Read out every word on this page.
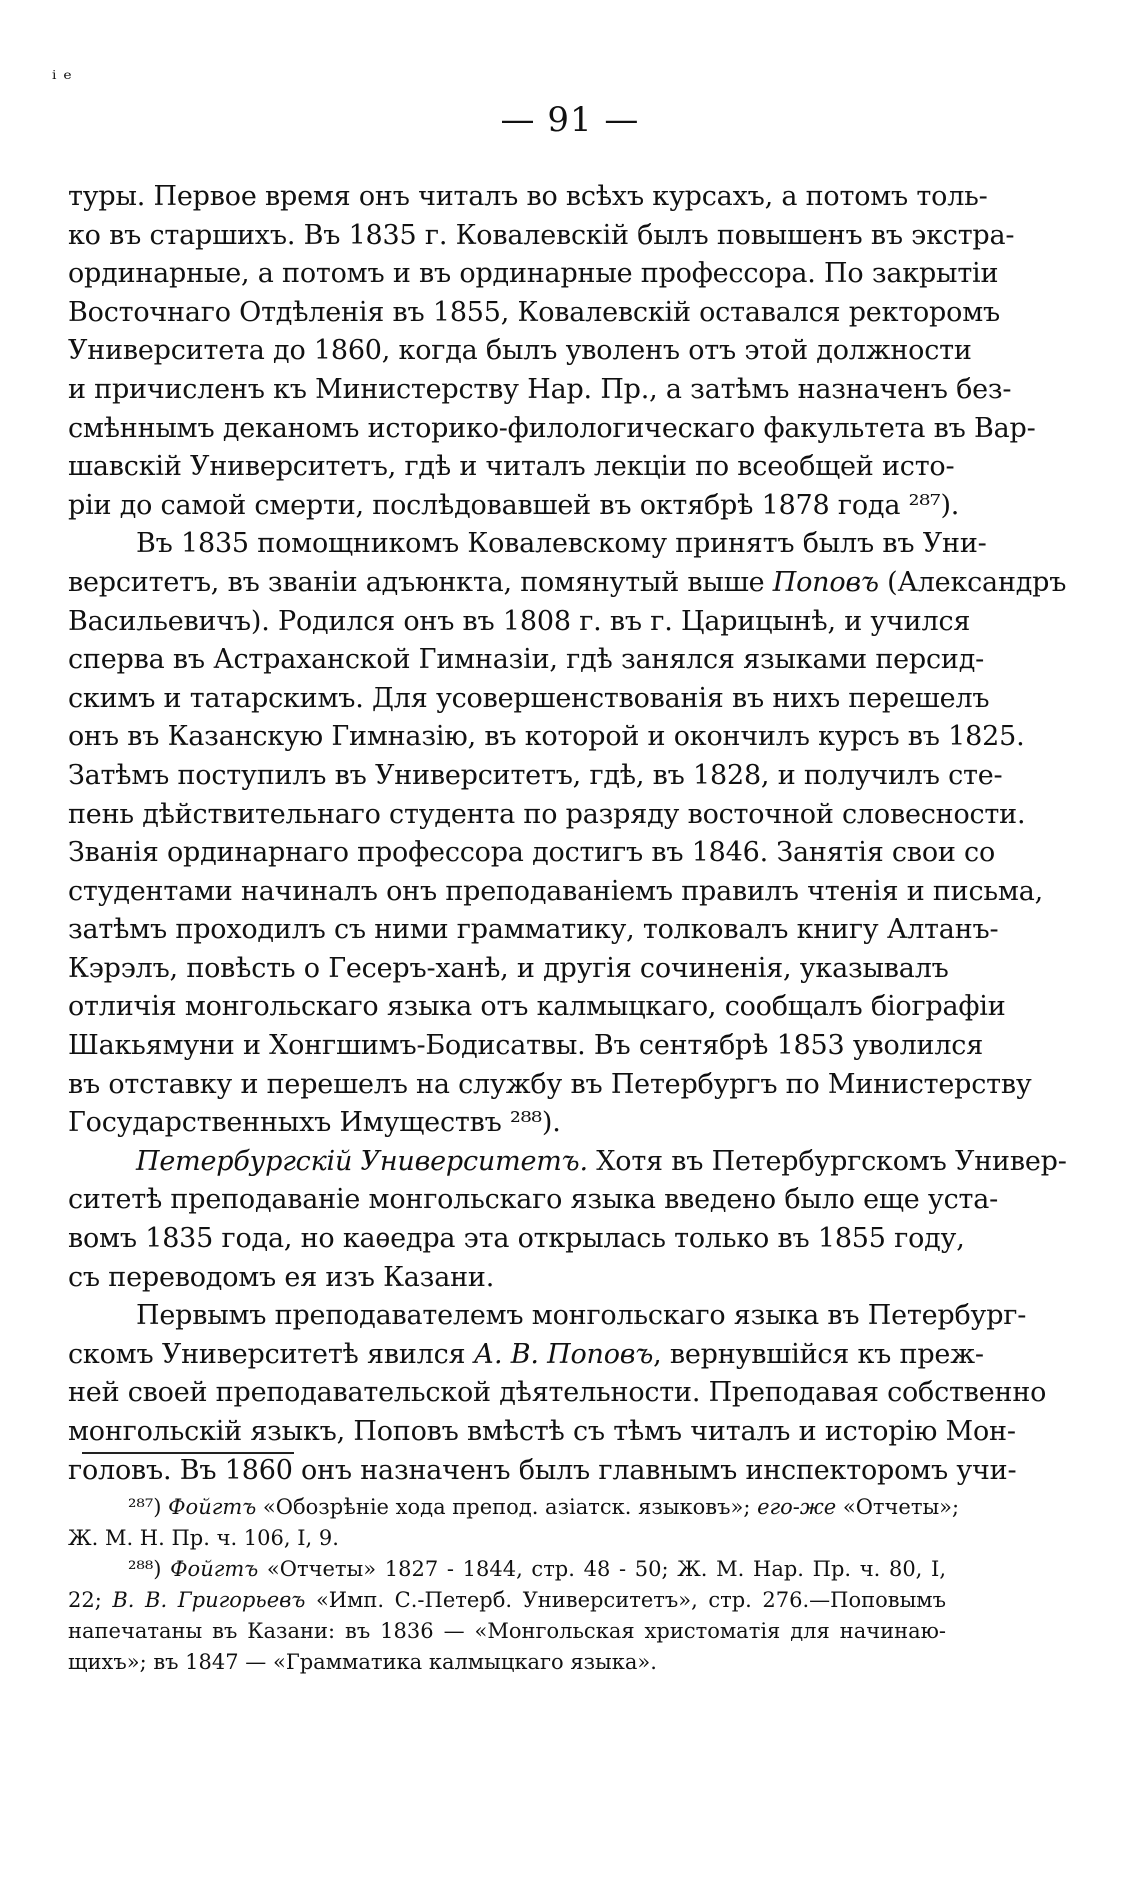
ᵢ ₑ
— 91 —
туры. Первое время онъ читалъ во всѣхъ курсахъ, а потомъ толь-
ко въ старшихъ. Въ 1835 г. Ковалевскій былъ повышенъ въ экстра-
ординарные, а потомъ и въ ординарные профессора. По закрытіи
Восточнаго Отдѣленія въ 1855, Ковалевскій оставался ректоромъ
Университета до 1860, когда былъ уволенъ отъ этой должности
и причисленъ къ Министерству Нар. Пр., а затѣмъ назначенъ без-
смѣннымъ деканомъ историко-филологическаго факультета въ Вар-
шавскій Университетъ, гдѣ и читалъ лекціи по всеобщей исто-
ріи до самой смерти, послѣдовавшей въ октябрѣ 1878 года ²⁸⁷).
Въ 1835 помощникомъ Ковалевскому принятъ былъ въ Уни-
верситетъ, въ званіи адъюнкта, помянутый выше Поповъ (Александръ
Васильевичъ). Родился онъ въ 1808 г. въ г. Царицынѣ, и учился
сперва въ Астраханской Гимназіи, гдѣ занялся языками персид-
скимъ и татарскимъ. Для усовершенствованія въ нихъ перешелъ
онъ въ Казанскую Гимназію, въ которой и окончилъ курсъ въ 1825.
Затѣмъ поступилъ въ Университетъ, гдѣ, въ 1828, и получилъ сте-
пень дѣйствительнаго студента по разряду восточной словесности.
Званія ординарнаго профессора достигъ въ 1846. Занятія свои со
студентами начиналъ онъ преподаваніемъ правилъ чтенія и письма,
затѣмъ проходилъ съ ними грамматику, толковалъ книгу Алтанъ-
Кэрэлъ, повѣсть о Гесеръ-ханѣ, и другія сочиненія, указывалъ
отличія монгольскаго языка отъ калмыцкаго, сообщалъ біографіи
Шакьямуни и Хонгшимъ-Бодисатвы. Въ сентябрѣ 1853 уволился
въ отставку и перешелъ на службу въ Петербургъ по Министерству
Государственныхъ Имуществъ ²⁸⁸).
Петербургскій Университетъ. Хотя въ Петербургскомъ Универ-
ситетѣ преподаваніе монгольскаго языка введено было еще уста-
вомъ 1835 года, но каѳедра эта открылась только въ 1855 году,
съ переводомъ ея изъ Казани.
Первымъ преподавателемъ монгольскаго языка въ Петербург-
скомъ Университетѣ явился А. В. Поповъ, вернувшійся къ преж-
ней своей преподавательской дѣятельности. Преподавая собственно
монгольскій языкъ, Поповъ вмѣстѣ съ тѣмъ читалъ и исторію Мон-
головъ. Въ 1860 онъ назначенъ былъ главнымъ инспекторомъ учи-
²⁸⁷) Фойгтъ «Обозрѣніе хода препод. азіатск. языковъ»; его-же «Отчеты»;
Ж. М. Н. Пр. ч. 106, I, 9.
²⁸⁸) Фойгтъ «Отчеты» 1827 - 1844, стр. 48 - 50; Ж. М. Нар. Пр. ч. 80, I,
22; В. В. Григорьевъ «Имп. С.-Петерб. Университетъ», стр. 276.—Поповымъ
напечатаны въ Казани: въ 1836 — «Монгольская христоматія для начинаю-
щихъ»; въ 1847 — «Грамматика калмыцкаго языка».
